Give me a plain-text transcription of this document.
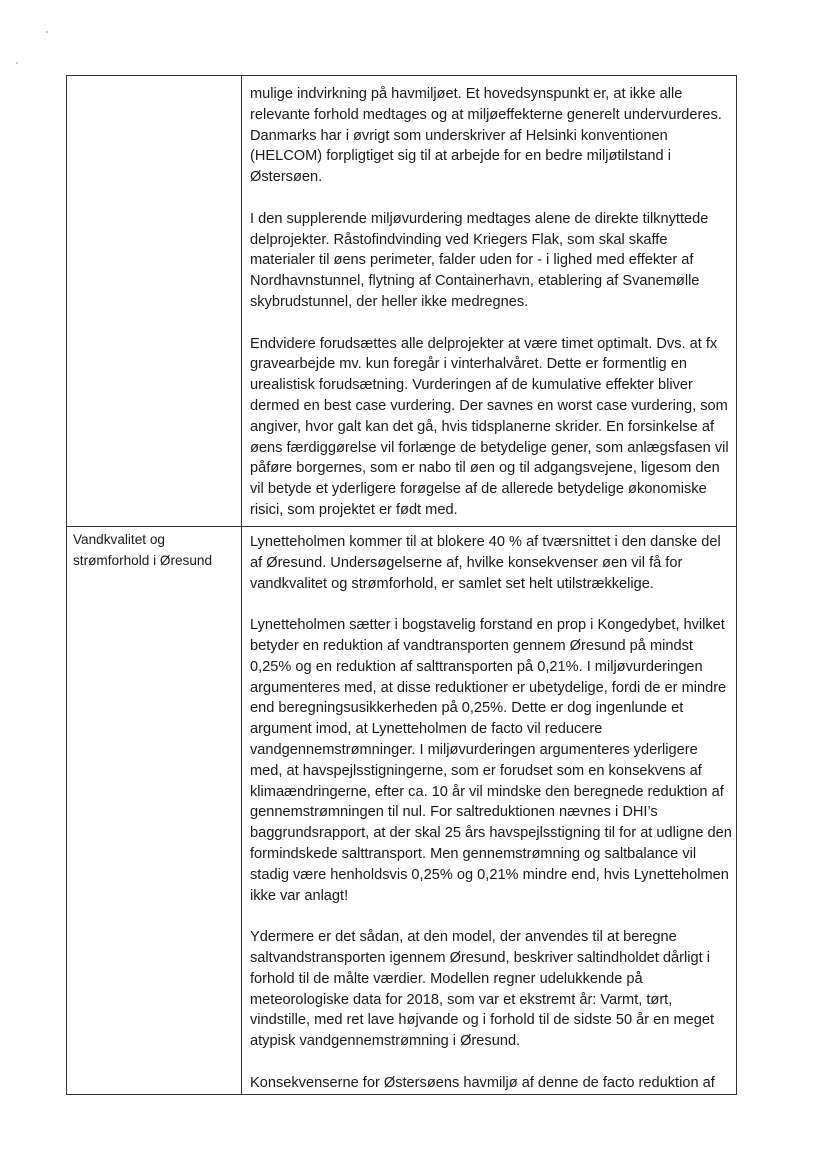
	mulige indvirkning på havmiljøet. Et hovedsynspunkt er, at ikke alle relevante forhold medtages og at miljøeffekterne generelt undervurderes. Danmarks har i øvrigt som underskriver af Helsinki konventionen (HELCOM) forpligtiget sig til at arbejde for en bedre miljøtilstand i Østersøen.

I den supplerende miljøvurdering medtages alene de direkte tilknyttede delprojekter. Råstofindvinding ved Kriegers Flak, som skal skaffe materialer til øens perimeter, falder uden for - i lighed med effekter af Nordhavnstunnel, flytning af Containerhavn, etablering af Svanemølle skybrudstunnel, der heller ikke medregnes.

Endvidere forudsættes alle delprojekter at være timet optimalt. Dvs. at fx gravearbejde mv. kun foregår i vinterhalvåret. Dette er formentlig en urealistisk forudsætning. Vurderingen af de kumulative effekter bliver dermed en best case vurdering. Der savnes en worst case vurdering, som angiver, hvor galt kan det gå, hvis tidsplanerne skrider. En forsinkelse af øens færdiggørelse vil forlænge de betydelige gener, som anlægsfasen vil påføre borgernes, som er nabo til øen og til adgangsvejene, ligesom den vil betyde et yderligere forøgelse af de allerede betydelige økonomiske risici, som projektet er født med.

Vandkvalitet og strømforhold i Øresund	Lynetteholmen kommer til at blokere 40 % af tværsnittet i den danske del af Øresund. Undersøgelserne af, hvilke konsekvenser øen vil få for vandkvalitet og strømforhold, er samlet set helt utilstrækkelige.

Lynetteholmen sætter i bogstavelig forstand en prop i Kongedybet, hvilket betyder en reduktion af vandtransporten gennem Øresund på mindst 0,25% og en reduktion af salttransporten på 0,21%. I miljøvurderingen argumenteres med, at disse reduktioner er ubetydelige, fordi de er mindre end beregningsusikkerheden på 0,25%. Dette er dog ingenlunde et argument imod, at Lynetteholmen de facto vil reducere vandgennemstrømninger. I miljøvurderingen argumenteres yderligere med, at havspejlsstigningerne, som er forudset som en konsekvens af klimaændringerne, efter ca. 10 år vil mindske den beregnede reduktion af gennemstrømningen til nul. For saltreduktionen nævnes i DHI’s baggrundsrapport, at der skal 25 års havspejlsstigning til for at udligne den formindskede salttransport. Men gennemstrømning og saltbalance vil stadig være henholdsvis 0,25% og 0,21% mindre end, hvis Lynetteholmen ikke var anlagt!

Ydermere er det sådan, at den model, der anvendes til at beregne saltvandstransporten igennem Øresund, beskriver saltindholdet dårligt i forhold til de målte værdier. Modellen regner udelukkende på meteorologiske data for 2018, som var et ekstremt år: Varmt, tørt, vindstille, med ret lave højvande og i forhold til de sidste 50 år en meget atypisk vandgennemstrømning i Øresund.

Konsekvenserne for Østersøens havmiljø af denne de facto reduktion af
